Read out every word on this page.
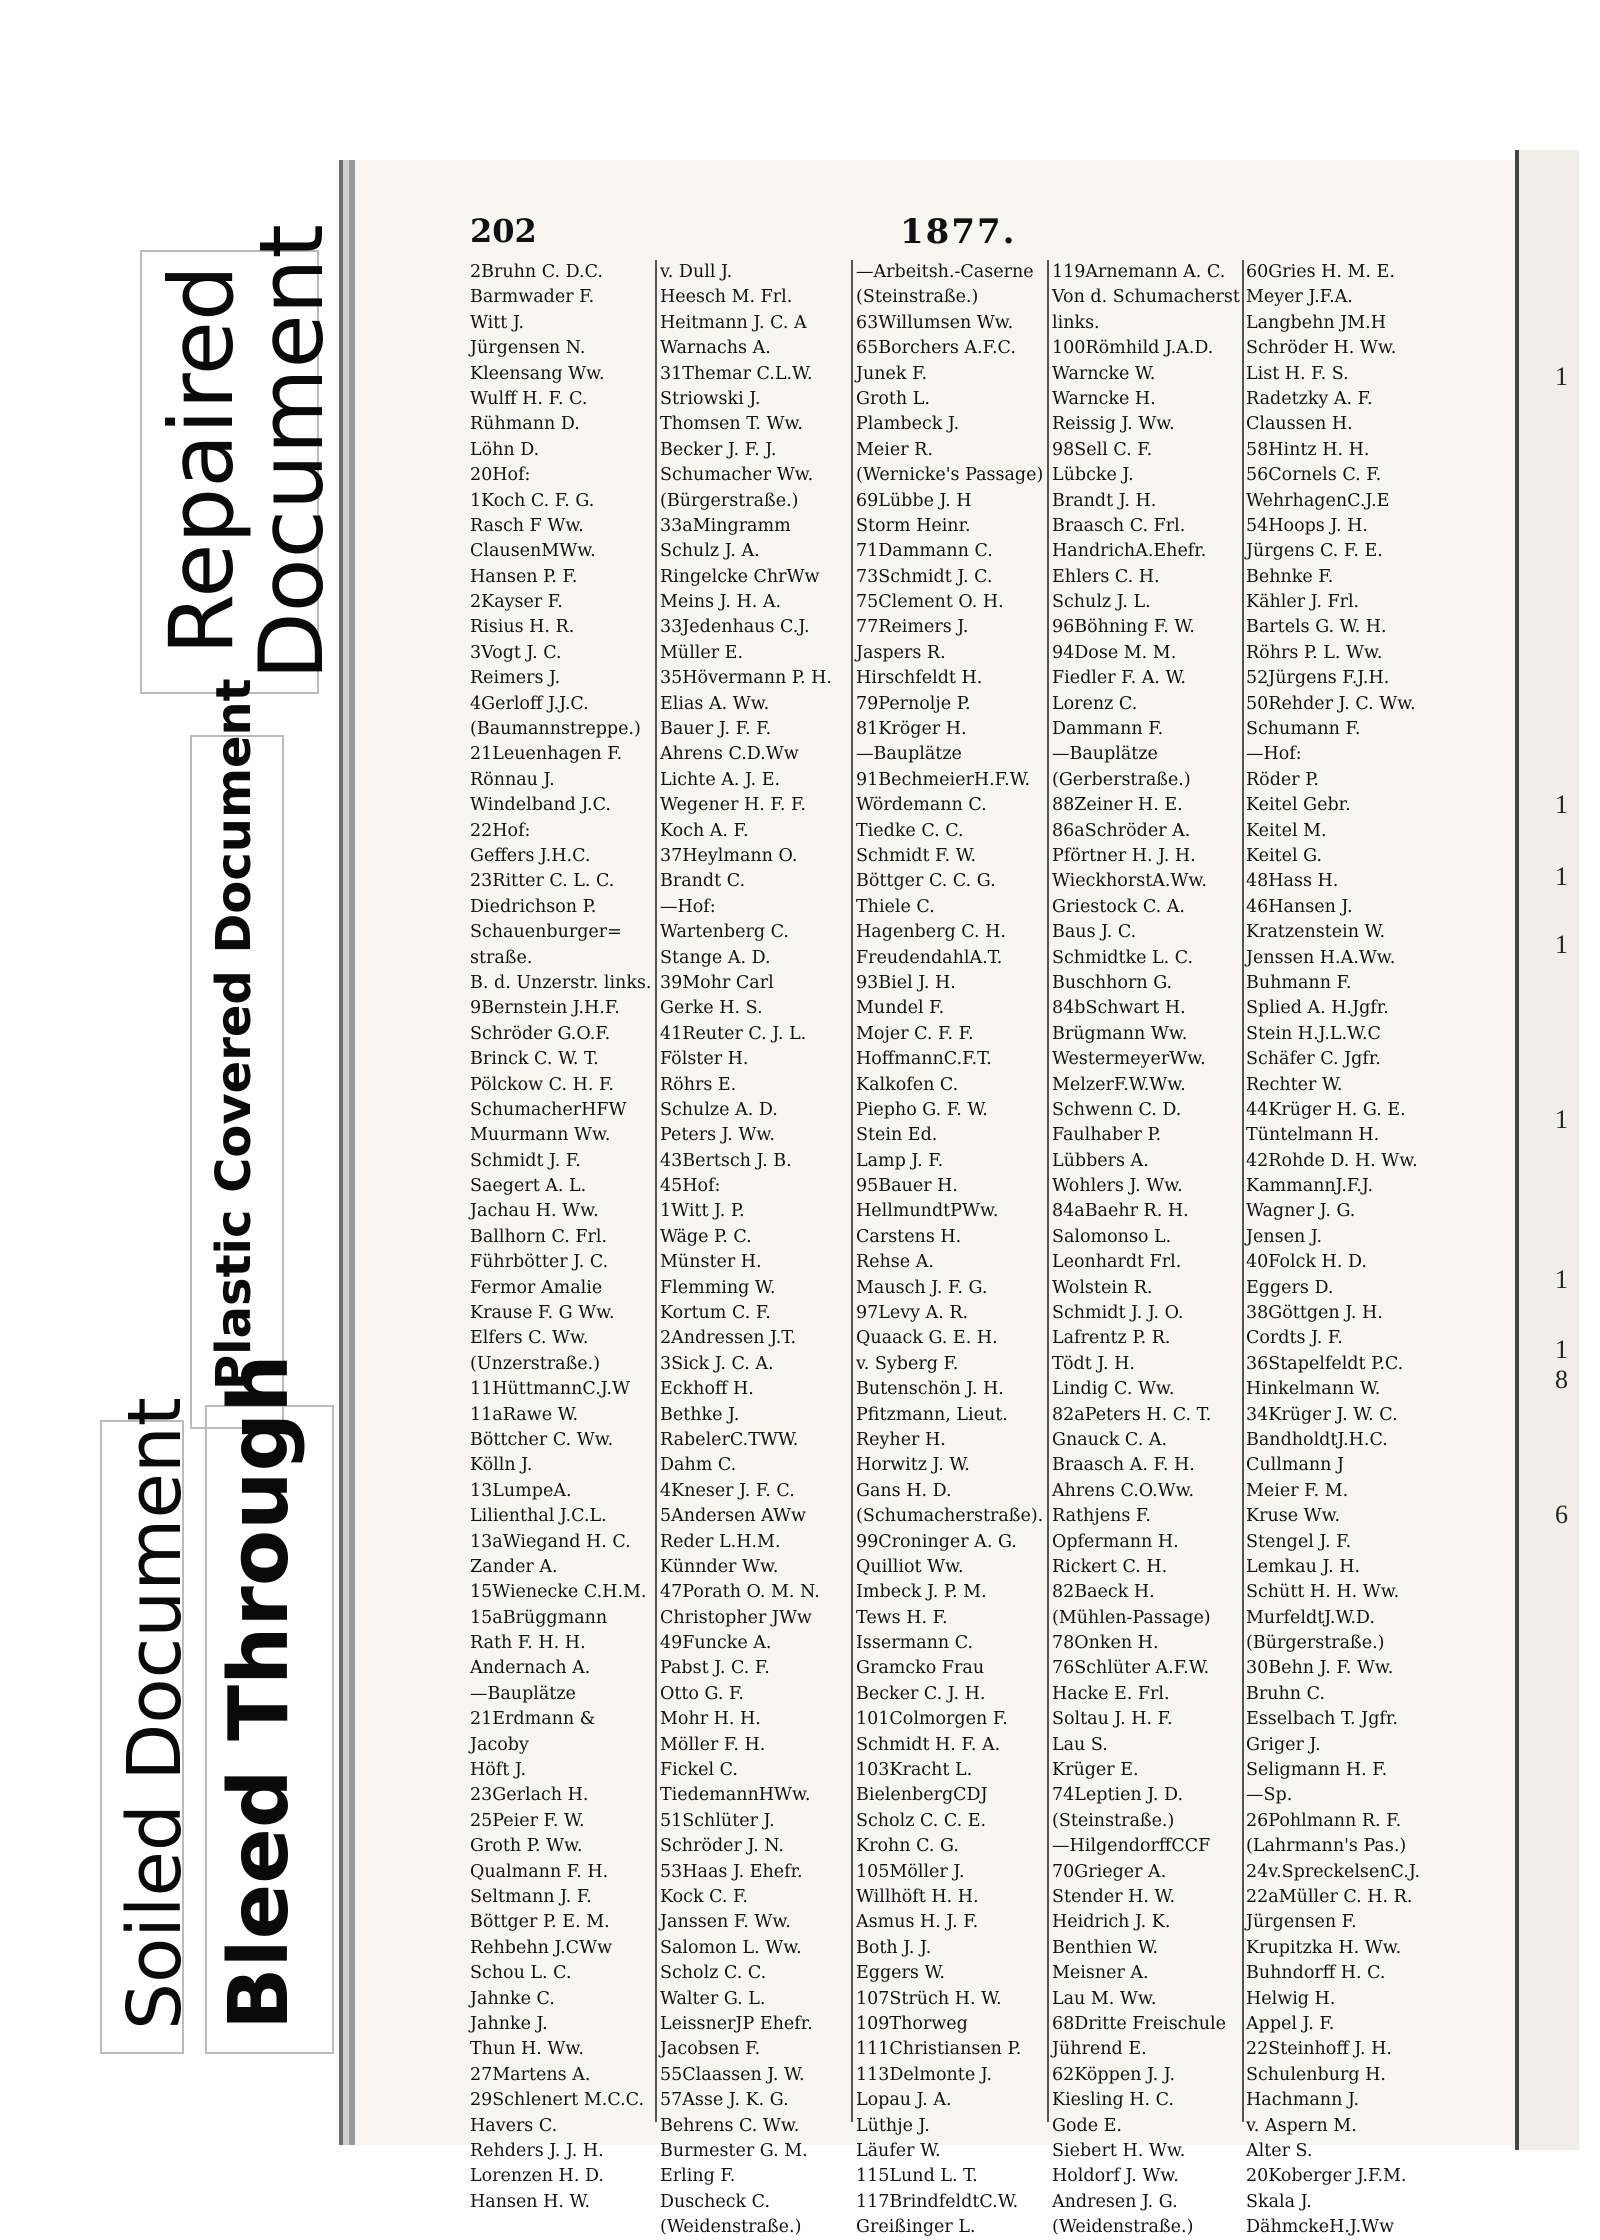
Repaired
Document
Plastic Covered Document
Soiled Document Bleed Through
1
1
1
1
1
1
1
8
6
202	1877.
2Bruhn C. D.C.
Barmwader F.
Witt J.
Jürgensen N.
Kleensang Ww.
Wulff H. F. C.
Rühmann D.
Löhn D.
20Hof:
1Koch C. F. G.
Rasch F Ww.
ClausenMWw.
Hansen P. F.
2Kayser F.
Risius H. R.
3Vogt J. C.
Reimers J.
4Gerloff J.J.C.
(Baumannstreppe.)
21Leuenhagen F.
Rönnau J.
Windelband J.C.
22Hof:
Geffers J.H.C.
23Ritter C. L. C.
Diedrichson P.
Schauenburger=
straße.
B. d. Unzerstr. links.
9Bernstein J.H.F.
Schröder G.O.F.
Brinck C. W. T.
Pölckow C. H. F.
SchumacherHFW
Muurmann Ww.
Schmidt J. F.
Saegert A. L.
Jachau H. Ww.
Ballhorn C. Frl.
Führbötter J. C.
Fermor Amalie
Krause F. G Ww.
Elfers C. Ww.
(Unzerstraße.)
11HüttmannC.J.W
11aRawe W.
Böttcher C. Ww.
Kölln J.
13LumpeA.
Lilienthal J.C.L.
13aWiegand H. C.
Zander A.
15Wienecke C.H.M.
15aBrüggmann
Rath F. H. H.
Andernach A.
—Bauplätze
21Erdmann &
Jacoby
Höft J.
23Gerlach H.
25Peier F. W.
Groth P. Ww.
Qualmann F. H.
Seltmann J. F.
Böttger P. E. M.
Rehbehn J.CWw
Schou L. C.
Jahnke C.
Jahnke J.
Thun H. Ww.
27Martens A.
29Schlenert M.C.C.
Havers C.
Rehders J. J. H.
Lorenzen H. D.
Hansen H. W.
v. Dull J.
Heesch M. Frl.
Heitmann J. C. A
Warnachs A.
31Themar C.L.W.
Striowski J.
Thomsen T. Ww.
Becker J. F. J.
Schumacher Ww.
(Bürgerstraße.)
33aMingramm
Schulz J. A.
Ringelcke ChrWw
Meins J. H. A.
33Jedenhaus C.J.
Müller E.
35Hövermann P. H.
Elias A. Ww.
Bauer J. F. F.
Ahrens C.D.Ww
Lichte A. J. E.
Wegener H. F. F.
Koch A. F.
37Heylmann O.
Brandt C.
—Hof:
Wartenberg C.
Stange A. D.
39Mohr Carl
Gerke H. S.
41Reuter C. J. L.
Fölster H.
Röhrs E.
Schulze A. D.
Peters J. Ww.
43Bertsch J. B.
45Hof:
1Witt J. P.
Wäge P. C.
Münster H.
Flemming W.
Kortum C. F.
2Andressen J.T.
3Sick J. C. A.
Eckhoff H.
Bethke J.
RabelerC.TWW.
Dahm C.
4Kneser J. F. C.
5Andersen AWw
Reder L.H.M.
Künnder Ww.
47Porath O. M. N.
Christopher JWw
49Funcke A.
Pabst J. C. F.
Otto G. F.
Mohr H. H.
Möller F. H.
Fickel C.
TiedemannHWw.
51Schlüter J.
Schröder J. N.
53Haas J. Ehefr.
Kock C. F.
Janssen F. Ww.
Salomon L. Ww.
Scholz C. C.
Walter G. L.
LeissnerJP Ehefr.
Jacobsen F.
55Claassen J. W.
57Asse J. K. G.
Behrens C. Ww.
Burmester G. M.
Erling F.
Duscheck C.
(Weidenstraße.)
—Arbeitsh.-Caserne
(Steinstraße.)
63Willumsen Ww.
65Borchers A.F.C.
Junek F.
Groth L.
Plambeck J.
Meier R.
(Wernicke's Passage)
69Lübbe J. H
Storm Heinr.
71Dammann C.
73Schmidt J. C.
75Clement O. H.
77Reimers J.
Jaspers R.
Hirschfeldt H.
79Pernolje P.
81Kröger H.
—Bauplätze
91BechmeierH.F.W.
Wördemann C.
Tiedke C. C.
Schmidt F. W.
Böttger C. C. G.
Thiele C.
Hagenberg C. H.
FreudendahlA.T.
93Biel J. H.
Mundel F.
Mojer C. F. F.
HoffmannC.F.T.
Kalkofen C.
Piepho G. F. W.
Stein Ed.
Lamp J. F.
95Bauer H.
HellmundtPWw.
Carstens H.
Rehse A.
Mausch J. F. G.
97Levy A. R.
Quaack G. E. H.
v. Syberg F.
Butenschön J. H.
Pfitzmann, Lieut.
Reyher H.
Horwitz J. W.
Gans H. D.
(Schumacherstraße).
99Croninger A. G.
Quilliot Ww.
Imbeck J. P. M.
Tews H. F.
Issermann C.
Gramcko Frau
Becker C. J. H.
101Colmorgen F.
Schmidt H. F. A.
103Kracht L.
BielenbergCDJ
Scholz C. C. E.
Krohn C. G.
105Möller J.
Willhöft H. H.
Asmus H. J. F.
Both J. J.
Eggers W.
107Strüch H. W.
109Thorweg
111Christiansen P.
113Delmonte J.
Lopau J. A.
Lüthje J.
Läufer W.
115Lund L. T.
117BrindfeldtC.W.
Greißinger L.
119Arnemann A. C.
Von d. Schumacherst
links.
100Römhild J.A.D.
Warncke W.
Warncke H.
Reissig J. Ww.
98Sell C. F.
Lübcke J.
Brandt J. H.
Braasch C. Frl.
HandrichA.Ehefr.
Ehlers C. H.
Schulz J. L.
96Böhning F. W.
94Dose M. M.
Fiedler F. A. W.
Lorenz C.
Dammann F.
—Bauplätze
(Gerberstraße.)
88Zeiner H. E.
86aSchröder A.
Pförtner H. J. H.
WieckhorstA.Ww.
Griestock C. A.
Baus J. C.
Schmidtke L. C.
Buschhorn G.
84bSchwart H.
Brügmann Ww.
WestermeyerWw.
MelzerF.W.Ww.
Schwenn C. D.
Faulhaber P.
Lübbers A.
Wohlers J. Ww.
84aBaehr R. H.
Salomonso L.
Leonhardt Frl.
Wolstein R.
Schmidt J. J. O.
Lafrentz P. R.
Tödt J. H.
Lindig C. Ww.
82aPeters H. C. T.
Gnauck C. A.
Braasch A. F. H.
Ahrens C.O.Ww.
Rathjens F.
Opfermann H.
Rickert C. H.
82Baeck H.
(Mühlen-Passage)
78Onken H.
76Schlüter A.F.W.
Hacke E. Frl.
Soltau J. H. F.
Lau S.
Krüger E.
74Leptien J. D.
(Steinstraße.)
—HilgendorffCCF
70Grieger A.
Stender H. W.
Heidrich J. K.
Benthien W.
Meisner A.
Lau M. Ww.
68Dritte Freischule
Jührend E.
62Köppen J. J.
Kiesling H. C.
Gode E.
Siebert H. Ww.
Holdorf J. Ww.
Andresen J. G.
(Weidenstraße.)
60Gries H. M. E.
Meyer J.F.A.
Langbehn JM.H
Schröder H. Ww.
List H. F. S.
Radetzky A. F.
Claussen H.
58Hintz H. H.
56Cornels C. F.
WehrhagenC.J.E
54Hoops J. H.
Jürgens C. F. E.
Behnke F.
Kähler J. Frl.
Bartels G. W. H.
Röhrs P. L. Ww.
52Jürgens F.J.H.
50Rehder J. C. Ww.
Schumann F.
—Hof:
Röder P.
Keitel Gebr.
Keitel M.
Keitel G.
48Hass H.
46Hansen J.
Kratzenstein W.
Jenssen H.A.Ww.
Buhmann F.
Splied A. H.Jgfr.
Stein H.J.L.W.C
Schäfer C. Jgfr.
Rechter W.
44Krüger H. G. E.
Tüntelmann H.
42Rohde D. H. Ww.
KammannJ.F.J.
Wagner J. G.
Jensen J.
40Folck H. D.
Eggers D.
38Göttgen J. H.
Cordts J. F.
36Stapelfeldt P.C.
Hinkelmann W.
34Krüger J. W. C.
BandholdtJ.H.C.
Cullmann J
Meier F. M.
Kruse Ww.
Stengel J. F.
Lemkau J. H.
Schütt H. H. Ww.
MurfeldtJ.W.D.
(Bürgerstraße.)
30Behn J. F. Ww.
Bruhn C.
Esselbach T. Jgfr.
Griger J.
Seligmann H. F.
—Sp.
26Pohlmann R. F.
(Lahrmann's Pas.)
24v.SpreckelsenC.J.
22aMüller C. H. R.
Jürgensen F.
Krupitzka H. Ww.
Buhndorff H. C.
Helwig H.
Appel J. F.
22Steinhoff J. H.
Schulenburg H.
Hachmann J.
v. Aspern M.
Alter S.
20Koberger J.F.M.
Skala J.
DähmckeH.J.Ww
